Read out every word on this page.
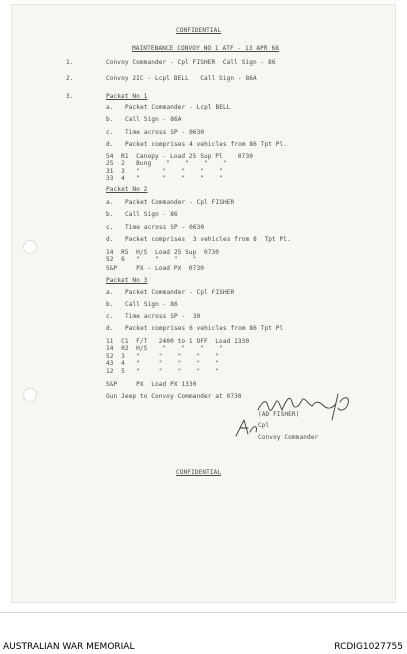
CONFIDENTIAL
MAINTENANCE CONVOY NO 1 ATF - 13 APR 68
1.	Convoy Commander - Cpl FISHER  Call Sign - 86
2.	Convoy 2IC - Lcpl BELL   Call Sign - 86A
3.	Packet No 1
a. Packet Commander - Lcpl BELL
b. Call Sign - 86A
c. Time across SP - 0630
d. Packet comprises 4 vehicles from 86 Tpt Pl.
54  R1  Canopy - Load 25 Sup Pl    0730
25  2   Bung    "    "    "    "
31  3   "      "    "    "    "
33  4   "      "    "    "    "
Packet No 2
a. Packet Commander - Cpl FISHER
b. Call Sign - 86
c. Time across SP - 0630
d. Packet comprises  3 vehicles from 8  Tpt Pl.
14  R5  H/S  Load 25 Sup  0730
52  6   "    "    "    "
S&P     PX - Load PX  0730
Packet No 3
a. Packet Commander - Cpl FISHER
b. Call Sign - 86
c. Time across SP -  30
d. Packet comprises 6 vehicles from 86 Tpt Pl
11  C1  F/T   2400 to 1 OFF  Load 1330
14  02  H/S    "    "    "    "
52  3   "     "    "    "    "
43  4   "     "    "    "    "
12  5   "     "    "    "    "
S&P     PX  Load PX 1330
Gun Jeep to Convoy Commander at 0730
(AD FISHER)
Cpl
Convoy Commander
CONFIDENTIAL
AUSTRALIAN WAR MEMORIAL	RCDIG1027755
